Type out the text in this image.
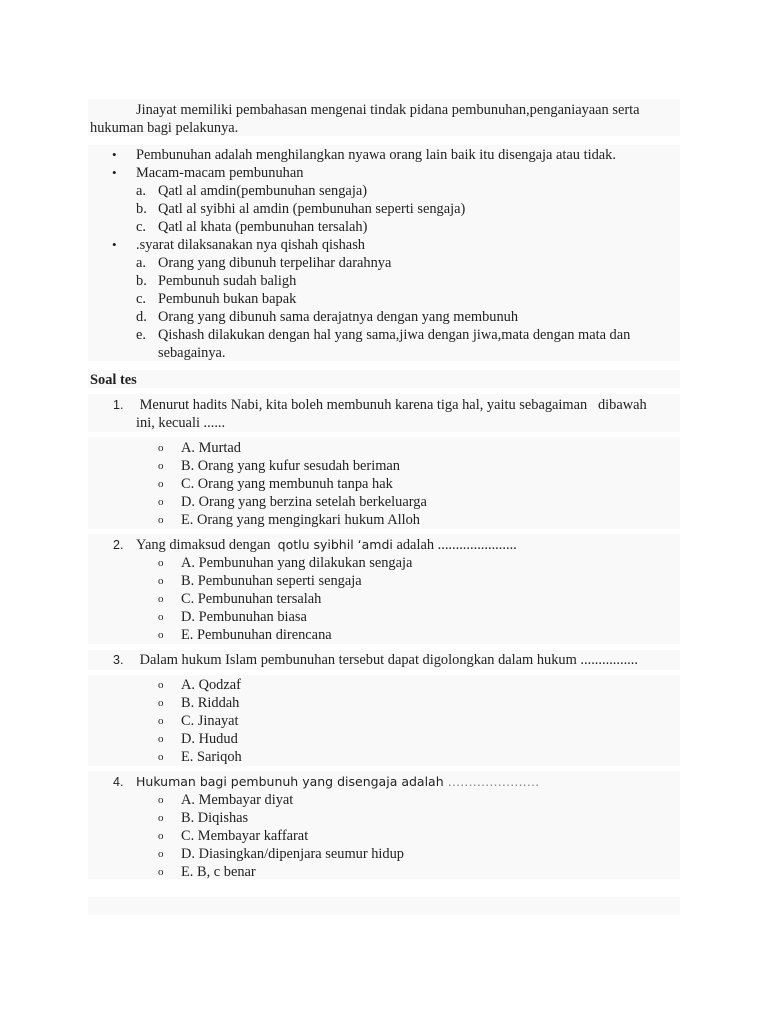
Jinayat memiliki pembahasan mengenai tindak pidana pembunuhan,penganiayaan serta
hukuman bagi pelakunya.
• Pembunuhan adalah menghilangkan nyawa orang lain baik itu disengaja atau tidak.
• Macam-macam pembunuhan
a. Qatl al amdin(pembunuhan sengaja)
b. Qatl al syibhi al amdin (pembunuhan seperti sengaja)
c. Qatl al khata (pembunuhan tersalah)
• .syarat dilaksanakan nya qishah qishash
a. Orang yang dibunuh terpelihar darahnya
b. Pembunuh sudah baligh
c. Pembunuh bukan bapak
d. Orang yang dibunuh sama derajatnya dengan yang membunuh
e. Qishash dilakukan dengan hal yang sama,jiwa dengan jiwa,mata dengan mata dan
sebagainya.
Soal tes
1. Menurut hadits Nabi, kita boleh membunuh karena tiga hal, yaitu sebagaiman   dibawah
ini, kecuali ......
o A. Murtad
o B. Orang yang kufur sesudah beriman
o C. Orang yang membunuh tanpa hak
o D. Orang yang berzina setelah berkeluarga
o E. Orang yang mengingkari hukum Alloh
2. Yang dimaksud dengan  qotlu syibhil ‘amdi adalah ......................
o A. Pembunuhan yang dilakukan sengaja
o B. Pembunuhan seperti sengaja
o C. Pembunuhan tersalah
o D. Pembunuhan biasa
o E. Pembunuhan direncana
3. Dalam hukum Islam pembunuhan tersebut dapat digolongkan dalam hukum ................
o A. Qodzaf
o B. Riddah
o C. Jinayat
o D. Hudud
o E. Sariqoh
4. Hukuman bagi pembunuh yang disengaja adalah ………………….
o A. Membayar diyat
o B. Diqishas
o C. Membayar kaffarat
o D. Diasingkan/dipenjara seumur hidup
o E. B, c benar
